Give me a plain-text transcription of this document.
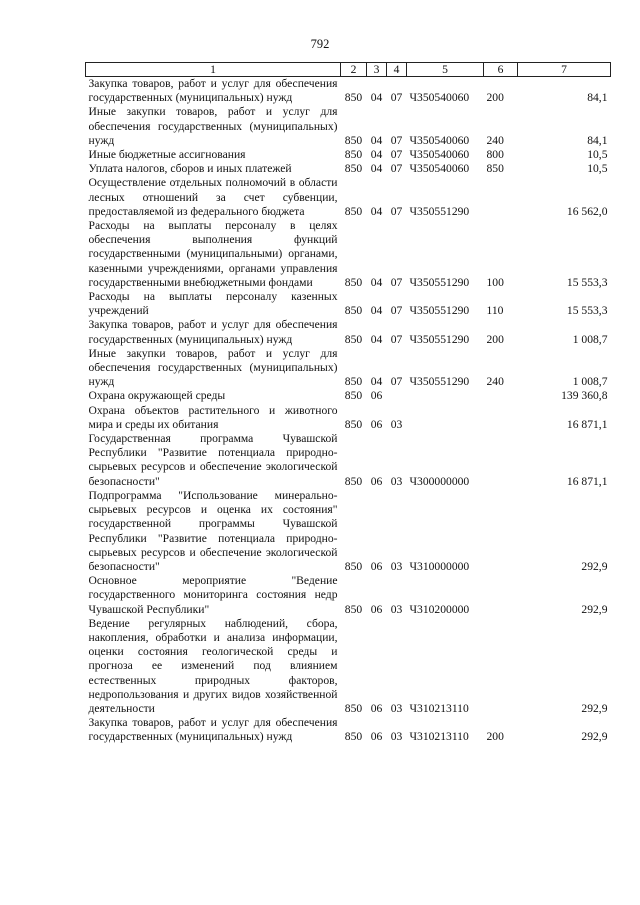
792
1	2	3	4	5	6	7
Закупка товаров, работ и услуг для обеспечения государственных (муниципальных) нужд	850	04	07	Ч350540060	200	84,1
Иные закупки товаров, работ и услуг для обеспечения государственных (муниципальных) нужд	850	04	07	Ч350540060	240	84,1
Иные бюджетные ассигнования	850	04	07	Ч350540060	800	10,5
Уплата налогов, сборов и иных платежей	850	04	07	Ч350540060	850	10,5
Осуществление отдельных полномочий в области лесных отношений за счет субвенции, предоставляемой из федерального бюджета	850	04	07	Ч350551290		16 562,0
Расходы на выплаты персоналу в целях обеспечения выполнения функций государственными (муниципальными) органами, казенными учреждениями, органами управления государственными внебюджетными фондами	850	04	07	Ч350551290	100	15 553,3
Расходы на выплаты персоналу казенных учреждений	850	04	07	Ч350551290	110	15 553,3
Закупка товаров, работ и услуг для обеспечения государственных (муниципальных) нужд	850	04	07	Ч350551290	200	1 008,7
Иные закупки товаров, работ и услуг для обеспечения государственных (муниципальных) нужд	850	04	07	Ч350551290	240	1 008,7
Охрана окружающей среды	850	06				139 360,8
Охрана объектов растительного и животного мира и среды их обитания	850	06	03			16 871,1
Государственная программа Чувашской Республики "Развитие потенциала природно-сырьевых ресурсов и обеспечение экологической безопасности"	850	06	03	Ч300000000		16 871,1
Подпрограмма "Использование минерально-сырьевых ресурсов и оценка их состояния" государственной программы Чувашской Республики "Развитие потенциала природно-сырьевых ресурсов и обеспечение экологической безопасности"	850	06	03	Ч310000000		292,9
Основное мероприятие "Ведение государственного мониторинга состояния недр Чувашской Республики"	850	06	03	Ч310200000		292,9
Ведение регулярных наблюдений, сбора, накопления, обработки и анализа информации, оценки состояния геологической среды и прогноза ее изменений под влиянием естественных природных факторов, недропользования и других видов хозяйственной деятельности	850	06	03	Ч310213110		292,9
Закупка товаров, работ и услуг для обеспечения государственных (муниципальных) нужд	850	06	03	Ч310213110	200	292,9
